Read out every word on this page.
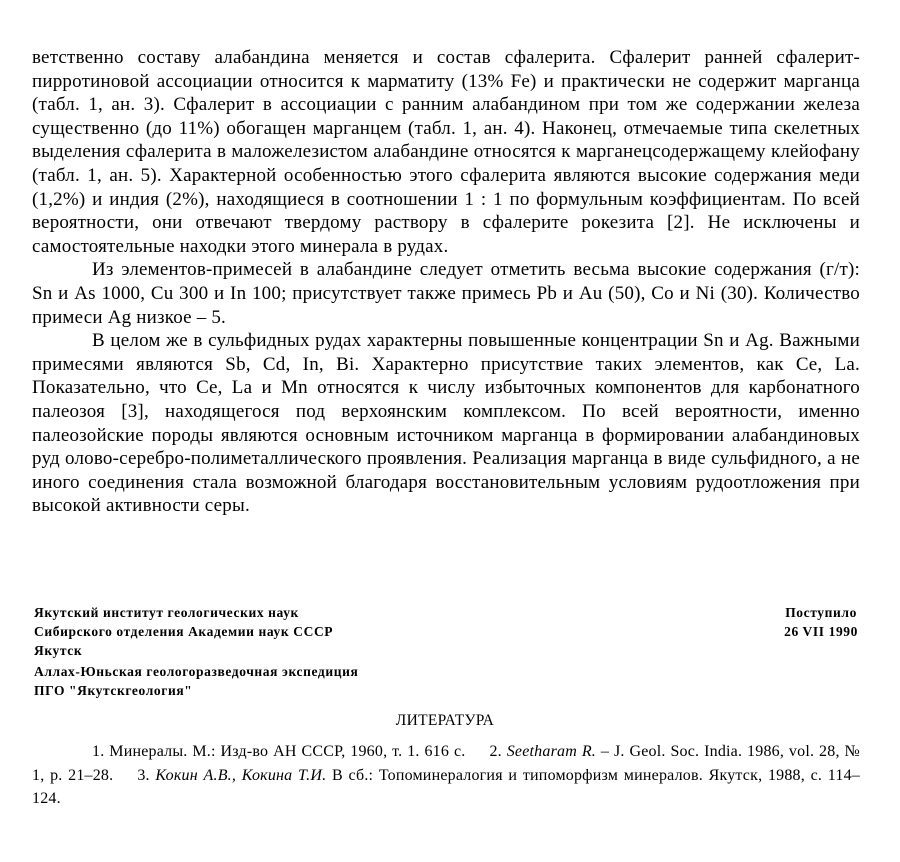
ветственно составу алабандина меняется и состав сфалерита. Сфалерит ранней сфалерит-пирротиновой ассоциации относится к марматиту (13% Fe) и практически не содержит марганца (табл. 1, ан. 3). Сфалерит в ассоциации с ранним алабандином при том же содержании железа существенно (до 11%) обогащен марганцем (табл. 1, ан. 4). Наконец, отмечаемые типа скелетных выделения сфалерита в маложелезистом алабандине относятся к марганецсодержащему клейофану (табл. 1, ан. 5). Характерной особенностью этого сфалерита являются высокие содержания меди (1,2%) и индия (2%), находящиеся в соотношении 1 : 1 по формульным коэффициентам. По всей вероятности, они отвечают твердому раствору в сфалерите рокезита [2]. Не исключены и самостоятельные находки этого минерала в рудах.

Из элементов-примесей в алабандине следует отметить весьма высокие содержания (г/т): Sn и As 1000, Cu 300 и In 100; присутствует также примесь Pb и Au (50), Co и Ni (30). Количество примеси Ag низкое – 5.

В целом же в сульфидных рудах характерны повышенные концентрации Sn и Ag. Важными примесями являются Sb, Cd, In, Bi. Характерно присутствие таких элементов, как Ce, La. Показательно, что Ce, La и Mn относятся к числу избыточных компонентов для карбонатного палеозоя [3], находящегося под верхоянским комплексом. По всей вероятности, именно палеозойские породы являются основным источником марганца в формировании алабандиновых руд олово-серебро-полиметаллического проявления. Реализация марганца в виде сульфидного, а не иного соединения стала возможной благодаря восстановительным условиям рудоотложения при высокой активности серы.

Якутский институт геологических наук
Сибирского отделения Академии наук СССР
Якутск
Аллах-Юньская геологоразведочная экспедиция
ПГО "Якутскгеология"
Поступило
26 VII 1990
ЛИТЕРАТУРА

1. Минералы. М.: Изд-во АН СССР, 1960, т. 1. 616 с. 2. Seetharam R. – J. Geol. Soc. India. 1986, vol. 28, № 1, p. 21–28. 3. Кокин А.В., Кокина Т.И. В сб.: Топоминералогия и типоморфизм минералов. Якутск, 1988, с. 114–124.
